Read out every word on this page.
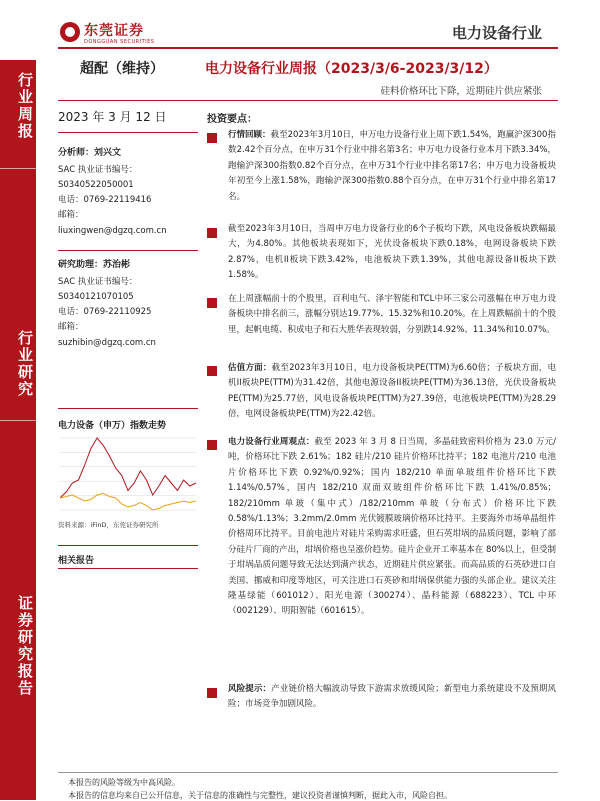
东莞证券
DONGGUAN SECURITIES	电力设备行业
行业周报
行业研究
证券研究报告
超配（维持）	电力设备行业周报（2023/3/6-2023/3/12）
硅料价格环比下降，近期硅片供应紧张
2023 年 3 月 12 日
分析师：刘兴文
SAC 执业证书编号：
S0340522050001
电话：0769-22119416
邮箱：
liuxingwen@dgzq.com.cn
研究助理：苏治彬
SAC 执业证书编号：
S0340121070105
电话：0769-22110925
邮箱：
suzhibin@dgzq.com.cn
电力设备（申万）指数走势
资料来源：iFinD，东莞证券研究所
相关报告
投资要点：
行情回顾：截至2023年3月10日，申万电力设备行业上周下跌1.54%，跑赢沪深300指数2.42个百分点，在申万31个行业中排名第3名；申万电力设备行业本月下跌3.34%，跑输沪深300指数0.82个百分点，在申万31个行业中排名第17名；申万电力设备板块年初至今上涨1.58%，跑输沪深300指数0.88个百分点，在申万31个行业中排名第17名。
截至2023年3月10日，当周申万电力设备行业的6个子板均下跌，风电设备板块跌幅最大，为4.80%。其他板块表现如下，光伏设备板块下跌0.18%，电网设备板块下跌2.87%，电机II板块下跌3.42%，电池板块下跌1.39%，其他电源设备II板块下跌1.58%。
在上周涨幅前十的个股里，百利电气、泽宇智能和TCL中环三家公司涨幅在申万电力设备板块中排名前三，涨幅分别达19.77%、15.32%和10.20%。在上周跌幅前十的个股里，起帆电缆、积成电子和石大胜华表现较弱，分别跌14.92%、11.34%和10.07%。
估值方面：截至2023年3月10日，电力设备板块PE(TTM)为6.60倍；子板块方面，电机II板块PE(TTM)为31.42倍，其他电源设备II板块PE(TTM)为36.13倍，光伏设备板块PE(TTM)为25.77倍，风电设备板块PE(TTM)为27.39倍，电池板块PE(TTM)为28.29倍，电网设备板块PE(TTM)为22.42倍。
电力设备行业周观点：截至 2023 年 3 月 8 日当周，多晶硅致密料价格为 23.0 万元/吨，价格环比下跌 2.61%；182 硅片/210 硅片价格环比持平；182 电池片/210 电池片价格环比下跌 0.92%/0.92%；国内 182/210 单面单玻组件价格环比下跌 1.14%/0.57%，国内 182/210 双面双玻组件价格环比下跌 1.41%/0.85%；182/210mm 单玻（集中式）/182/210mm 单玻（分布式）价格环比下跌 0.58%/1.13%；3.2mm/2.0mm 光伏镀膜玻璃价格环比持平。主要海外市场单晶组件价格周环比持平。目前电池片对硅片采购需求旺盛，但石英坩埚的品质问题，影响了部分硅片厂商的产出，坩埚价格也呈涨价趋势。硅片企业开工率基本在 80%以上，但受制于坩埚品质问题导致无法达到满产状态，近期硅片供应紧张。而高品质的石英砂进口自美国、挪威和印度等地区，可关注进口石英砂和坩埚保供能力强的头部企业。建议关注隆基绿能（601012）、阳光电源（300274）、晶科能源（688223）、TCL 中环（002129）、明阳智能（601615）。
风险提示：产业链价格大幅波动导致下游需求放缓风险；新型电力系统建设不及预期风险；市场竞争加剧风险。
本报告的风险等级为中高风险。
本报告的信息均来自已公开信息，关于信息的准确性与完整性，建议投资者谨慎判断，据此入市，风险自担。
